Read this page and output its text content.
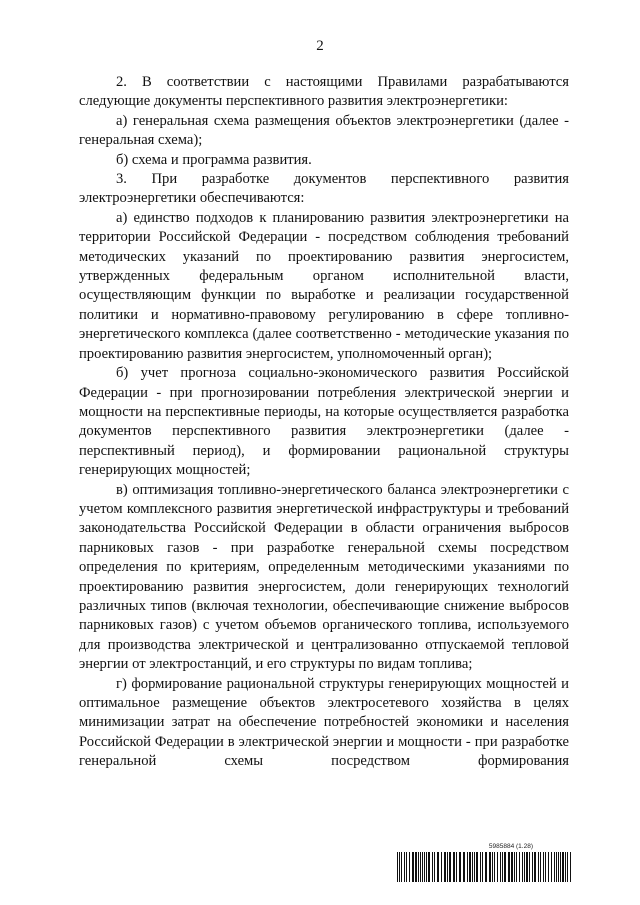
2

2. В соответствии с настоящими Правилами разрабатываются следующие документы перспективного развития электроэнергетики:

а) генеральная схема размещения объектов электроэнергетики (далее - генеральная схема);

б) схема и программа развития.

3. При разработке документов перспективного развития электроэнергетики обеспечиваются:

а) единство подходов к планированию развития электроэнергетики на территории Российской Федерации - посредством соблюдения требований методических указаний по проектированию развития энергосистем, утвержденных федеральным органом исполнительной власти, осуществляющим функции по выработке и реализации государственной политики и нормативно-правовому регулированию в сфере топливно-энергетического комплекса (далее соответственно - методические указания по проектированию развития энергосистем, уполномоченный орган);

б) учет прогноза социально-экономического развития Российской Федерации - при прогнозировании потребления электрической энергии и мощности на перспективные периоды, на которые осуществляется разработка документов перспективного развития электроэнергетики (далее - перспективный период), и формировании рациональной структуры генерирующих мощностей;

в) оптимизация топливно-энергетического баланса электроэнергетики с учетом комплексного развития энергетической инфраструктуры и требований законодательства Российской Федерации в области ограничения выбросов парниковых газов - при разработке генеральной схемы посредством определения по критериям, определенным методическими указаниями по проектированию развития энергосистем, доли генерирующих технологий различных типов (включая технологии, обеспечивающие снижение выбросов парниковых газов) с учетом объемов органического топлива, используемого для производства электрической и централизованно отпускаемой тепловой энергии от электростанций, и его структуры по видам топлива;

г) формирование рациональной структуры генерирующих мощностей и оптимальное размещение объектов электросетевого хозяйства в целях минимизации затрат на обеспечение потребностей экономики и населения Российской Федерации в электрической энергии и мощности - при разработке генеральной схемы посредством формирования

5985884 (1.28)
